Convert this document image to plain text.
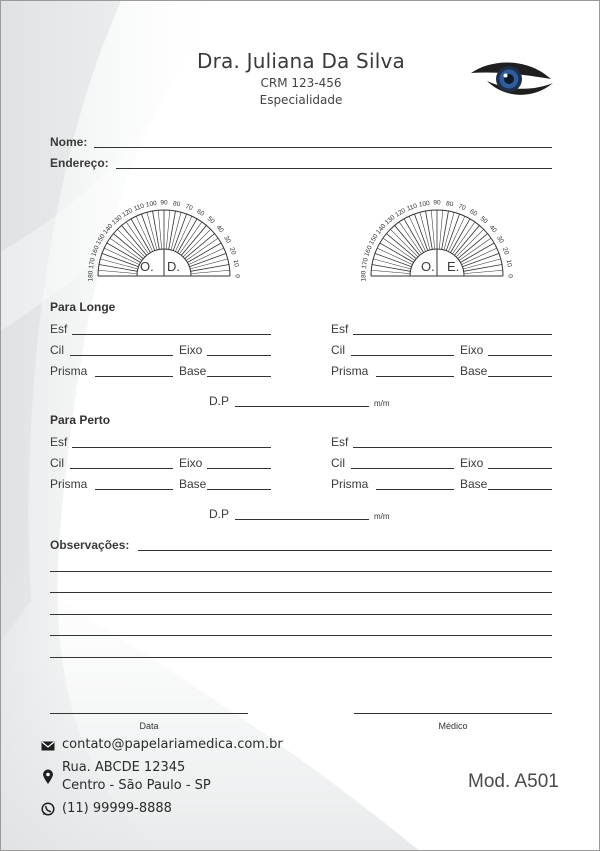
Dra. Juliana Da Silva
CRM 123-456
Especialidade
Nome:
Endereço:
180
170
160
150
140
130
120
110 100 90 80 70
60
50
40
30
20
10
0
O. D.
180
170
160
150
140
130
120
110 100 90 80 70
60
50
40
30
20
10
0
O. E.
Para Longe
Esf
Cil	Eixo
Prisma	Base
Esf
Cil	Eixo
Prisma	Base
D.P	m/m
Para Perto
Esf
Cil	Eixo
Prisma	Base
Esf
Cil	Eixo
Prisma	Base
D.P	m/m
Observações:
Data	Médico
contato@papelariamedica.com.br
Rua. ABCDE 12345
Centro - São Paulo - SP
(11) 99999-8888
Mod. A501
